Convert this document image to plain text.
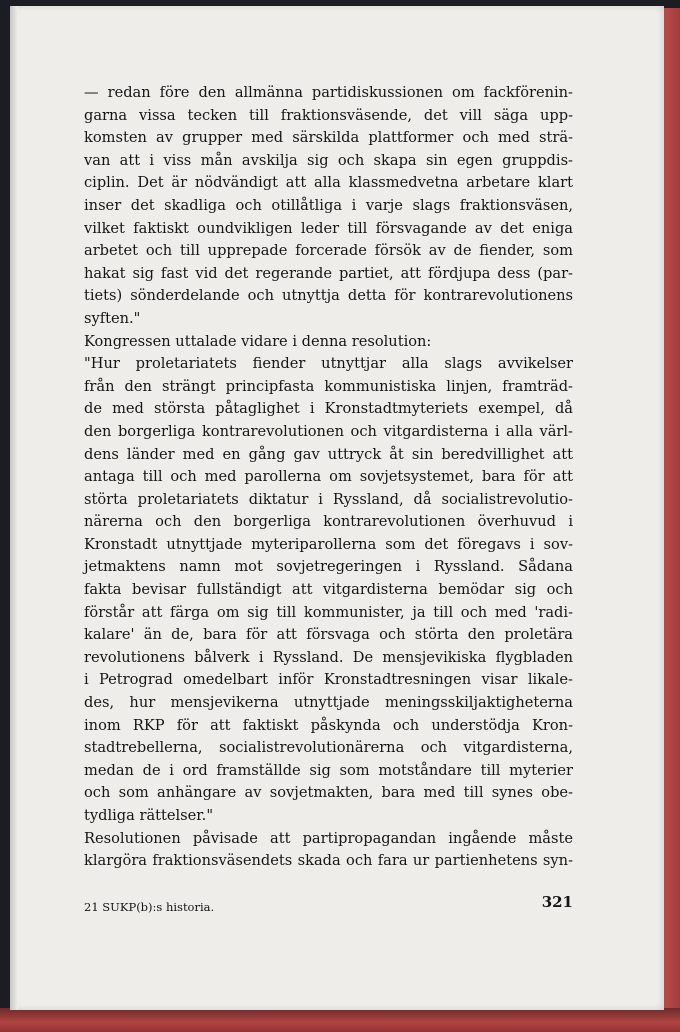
— redan före den allmänna partidiskussionen om fackförenin-
garna vissa tecken till fraktionsväsende, det vill säga upp-
komsten av grupper med särskilda plattformer och med strä-
van att i viss mån avskilja sig och skapa sin egen gruppdis-
ciplin. Det är nödvändigt att alla klassmedvetna arbetare klart
inser det skadliga och otillåtliga i varje slags fraktionsväsen,
vilket faktiskt oundvikligen leder till försvagande av det eniga
arbetet och till upprepade forcerade försök av de fiender, som
hakat sig fast vid det regerande partiet, att fördjupa dess (par-
tiets) sönderdelande och utnyttja detta för kontrarevolutionens
syften."
Kongressen uttalade vidare i denna resolution:
"Hur proletariatets fiender utnyttjar alla slags avvikelser
från den strängt principfasta kommunistiska linjen, framträd-
de med största påtaglighet i Kronstadtmyteriets exempel, då
den borgerliga kontrarevolutionen och vitgardisterna i alla värl-
dens länder med en gång gav uttryck åt sin beredvillighet att
antaga till och med parollerna om sovjetsystemet, bara för att
störta proletariatets diktatur i Ryssland, då socialistrevolutio-
närerna och den borgerliga kontrarevolutionen överhuvud i
Kronstadt utnyttjade myteriparollerna som det föregavs i sov-
jetmaktens namn mot sovjetregeringen i Ryssland. Sådana
fakta bevisar fullständigt att vitgardisterna bemödar sig och
förstår att färga om sig till kommunister, ja till och med 'radi-
kalare' än de, bara för att försvaga och störta den proletära
revolutionens bålverk i Ryssland. De mensjevikiska flygbladen
i Petrograd omedelbart inför Kronstadtresningen visar likale-
des, hur mensjevikerna utnyttjade meningsskiljaktigheterna
inom RKP för att faktiskt påskynda och understödja Kron-
stadtrebellerna, socialistrevolutionärerna och vitgardisterna,
medan de i ord framställde sig som motståndare till myterier
och som anhängare av sovjetmakten, bara med till synes obe-
tydliga rättelser."
Resolutionen påvisade att partipropagandan ingående måste
klargöra fraktionsväsendets skada och fara ur partienhetens syn-
21 SUKP(b):s historia.	321
